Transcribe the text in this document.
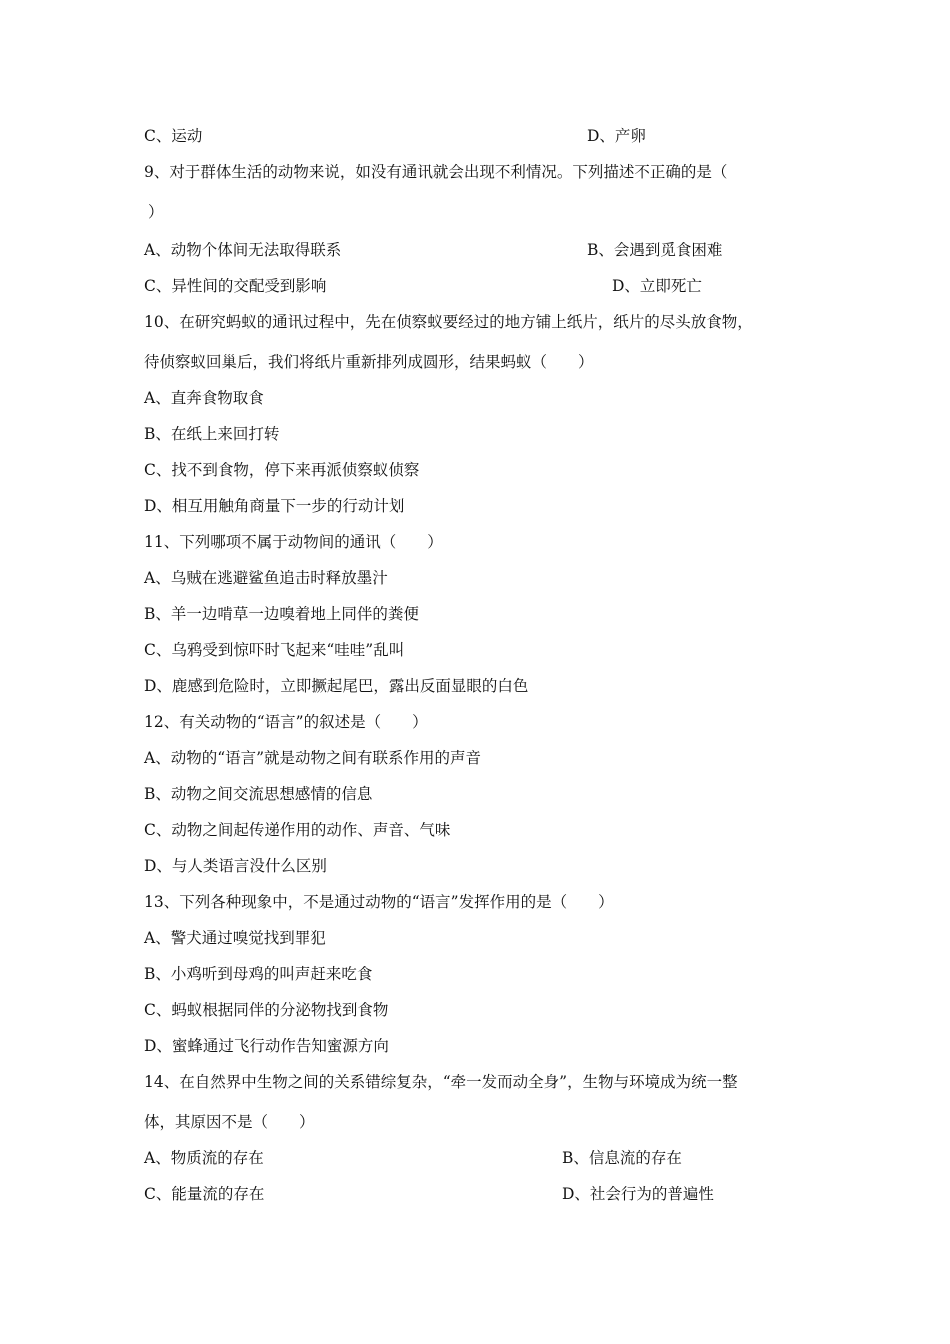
C、运动	D、产卵
9、对于群体生活的动物来说，如没有通讯就会出现不利情况。下列描述不正确的是（
）
A、动物个体间无法取得联系	B、会遇到觅食困难
C、异性间的交配受到影响	D、立即死亡
10、在研究蚂蚁的通讯过程中，先在侦察蚁要经过的地方铺上纸片，纸片的尽头放食物，
待侦察蚁回巢后，我们将纸片重新排列成圆形，结果蚂蚁（　　）
A、直奔食物取食
B、在纸上来回打转
C、找不到食物，停下来再派侦察蚁侦察
D、相互用触角商量下一步的行动计划
11、下列哪项不属于动物间的通讯（　　）
A、乌贼在逃避鲨鱼追击时释放墨汁
B、羊一边啃草一边嗅着地上同伴的粪便
C、乌鸦受到惊吓时飞起来“哇哇”乱叫
D、鹿感到危险时，立即撅起尾巴，露出反面显眼的白色
12、有关动物的“语言”的叙述是（　　）
A、动物的“语言”就是动物之间有联系作用的声音
B、动物之间交流思想感情的信息
C、动物之间起传递作用的动作、声音、气味
D、与人类语言没什么区别
13、下列各种现象中，不是通过动物的“语言”发挥作用的是（　　）
A、警犬通过嗅觉找到罪犯
B、小鸡听到母鸡的叫声赶来吃食
C、蚂蚁根据同伴的分泌物找到食物
D、蜜蜂通过飞行动作告知蜜源方向
14、在自然界中生物之间的关系错综复杂，“牵一发而动全身”，生物与环境成为统一整
体，其原因不是（　　）
A、物质流的存在	B、信息流的存在
C、能量流的存在	D、社会行为的普遍性
